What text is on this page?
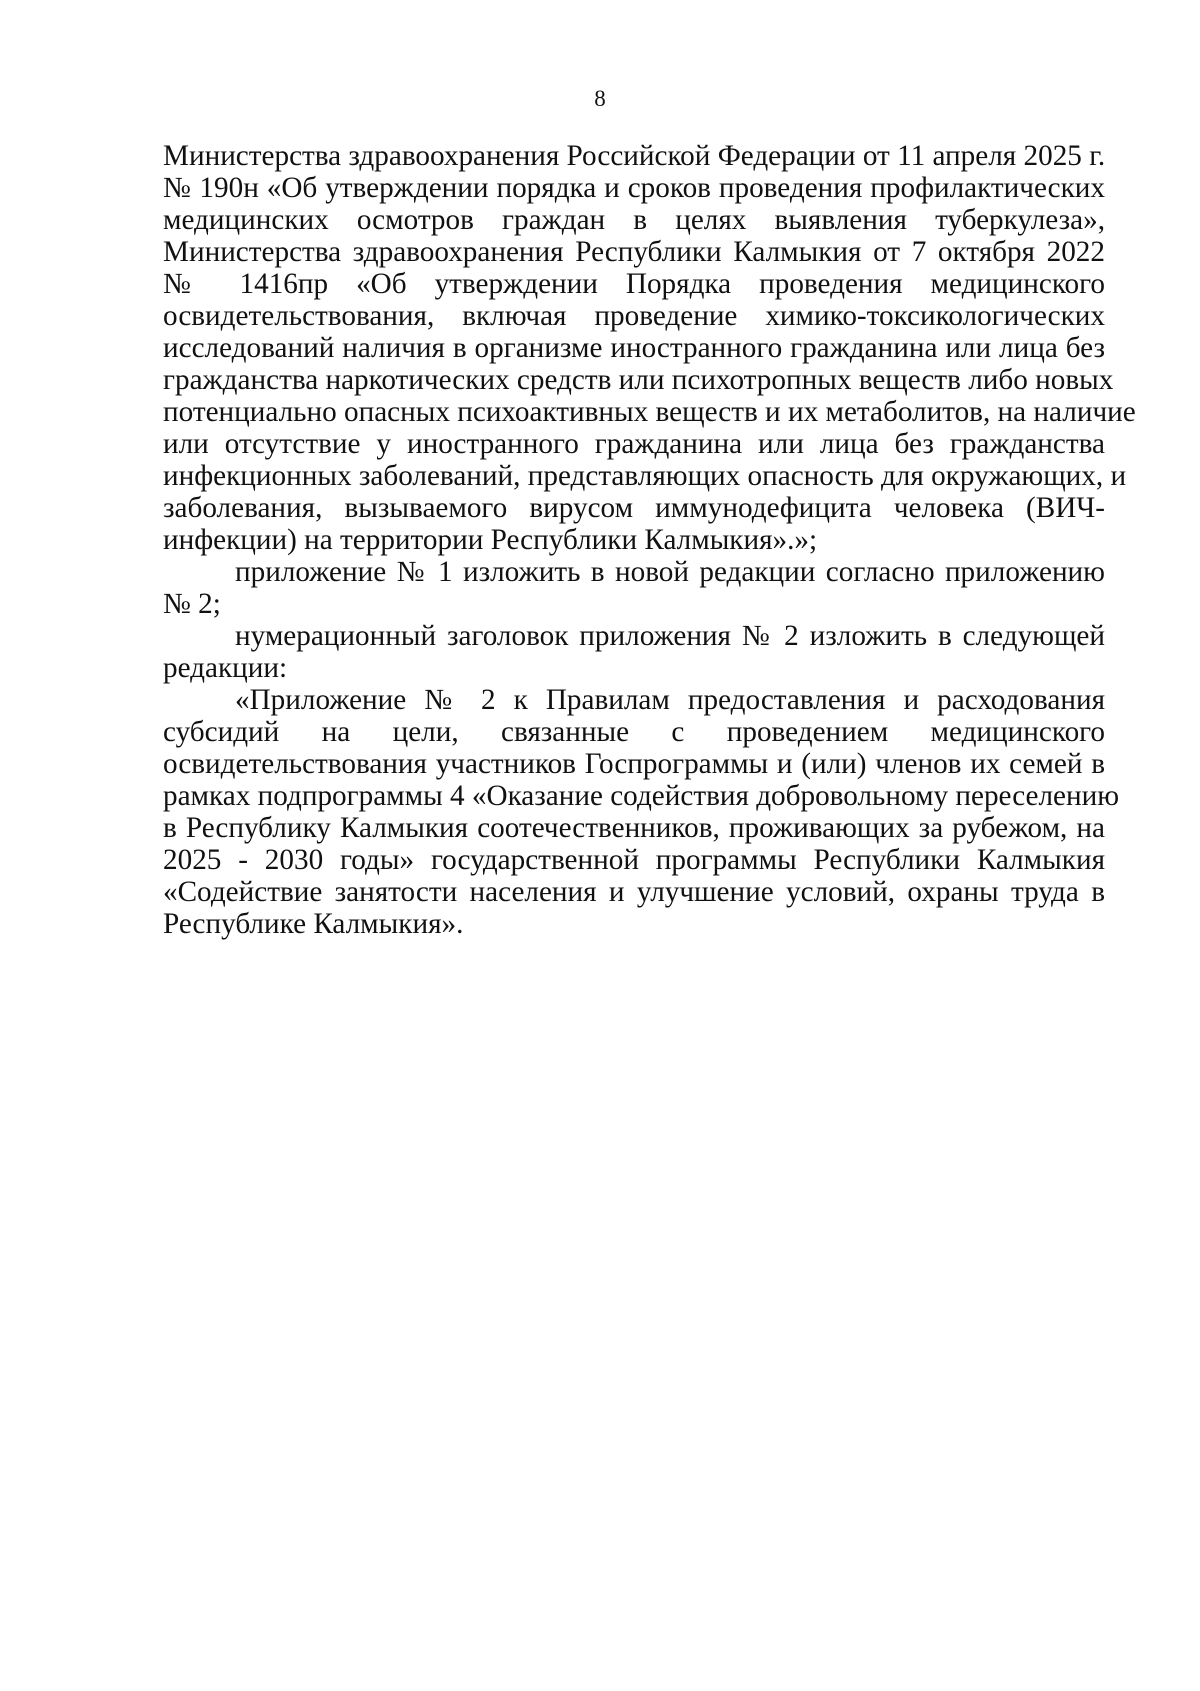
8
Министерства здравоохранения Российской Федерации от 11 апреля 2025 г.
№ 190н «Об утверждении порядка и сроков проведения профилактических
медицинских осмотров граждан в целях выявления туберкулеза»,
Министерства здравоохранения Республики Калмыкия от 7 октября 2022
№ 1416пр «Об утверждении Порядка проведения медицинского
освидетельствования, включая проведение химико-токсикологических
исследований наличия в организме иностранного гражданина или лица без
гражданства наркотических средств или психотропных веществ либо новых
потенциально опасных психоактивных веществ и их метаболитов, на наличие
или отсутствие у иностранного гражданина или лица без гражданства
инфекционных заболеваний, представляющих опасность для окружающих, и
заболевания, вызываемого вирусом иммунодефицита человека (ВИЧ-
инфекции) на территории Республики Калмыкия».»;
приложение № 1 изложить в новой редакции согласно приложению
№ 2;
нумерационный заголовок приложения № 2 изложить в следующей
редакции:
«Приложение № 2 к Правилам предоставления и расходования
субсидий на цели, связанные с проведением медицинского
освидетельствования участников Госпрограммы и (или) членов их семей в
рамках подпрограммы 4 «Оказание содействия добровольному переселению
в Республику Калмыкия соотечественников, проживающих за рубежом, на
2025 - 2030 годы» государственной программы Республики Калмыкия
«Содействие занятости населения и улучшение условий, охраны труда в
Республике Калмыкия».
